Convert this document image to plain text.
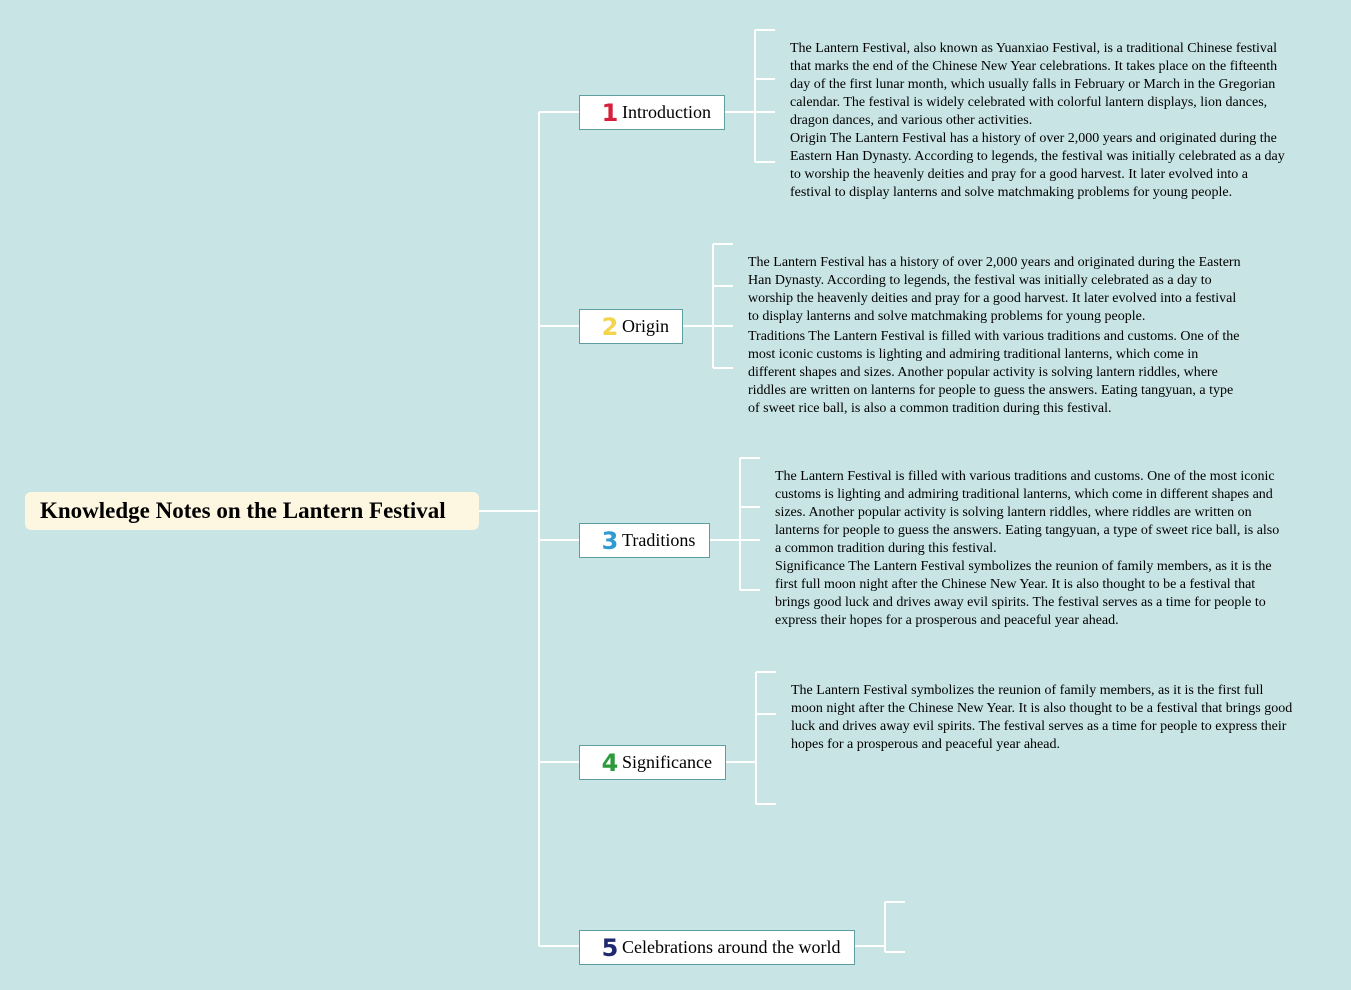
Knowledge Notes on the Lantern Festival
1 Introduction
The Lantern Festival, also known as Yuanxiao Festival, is a traditional Chinese festival that marks the end of the Chinese New Year celebrations. It takes place on the fifteenth day of the first lunar month, which usually falls in February or March in the Gregorian calendar. The festival is widely celebrated with colorful lantern displays, lion dances, dragon dances, and various other activities.
Origin The Lantern Festival has a history of over 2,000 years and originated during the Eastern Han Dynasty. According to legends, the festival was initially celebrated as a day to worship the heavenly deities and pray for a good harvest. It later evolved into a festival to display lanterns and solve matchmaking problems for young people.
2 Origin
The Lantern Festival has a history of over 2,000 years and originated during the Eastern Han Dynasty. According to legends, the festival was initially celebrated as a day to worship the heavenly deities and pray for a good harvest. It later evolved into a festival to display lanterns and solve matchmaking problems for young people.
Traditions The Lantern Festival is filled with various traditions and customs. One of the most iconic customs is lighting and admiring traditional lanterns, which come in different shapes and sizes. Another popular activity is solving lantern riddles, where riddles are written on lanterns for people to guess the answers. Eating tangyuan, a type of sweet rice ball, is also a common tradition during this festival.
3 Traditions
The Lantern Festival is filled with various traditions and customs. One of the most iconic customs is lighting and admiring traditional lanterns, which come in different shapes and sizes. Another popular activity is solving lantern riddles, where riddles are written on lanterns for people to guess the answers. Eating tangyuan, a type of sweet rice ball, is also a common tradition during this festival.
Significance The Lantern Festival symbolizes the reunion of family members, as it is the first full moon night after the Chinese New Year. It is also thought to be a festival that brings good luck and drives away evil spirits. The festival serves as a time for people to express their hopes for a prosperous and peaceful year ahead.
4 Significance
The Lantern Festival symbolizes the reunion of family members, as it is the first full moon night after the Chinese New Year. It is also thought to be a festival that brings good luck and drives away evil spirits. The festival serves as a time for people to express their hopes for a prosperous and peaceful year ahead.
5 Celebrations around the world
